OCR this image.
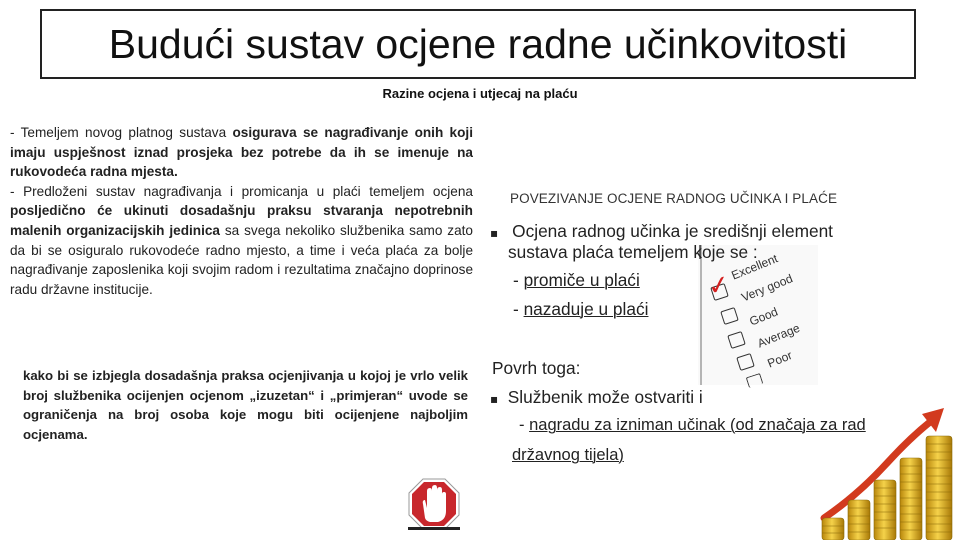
Budući sustav ocjene radne učinkovitosti
Razine ocjena i utjecaj na plaću
- Temeljem novog platnog sustava osigurava se nagrađivanje onih koji imaju uspješnost iznad prosjeka bez potrebe da ih se imenuje na rukovodeća radna mjesta.
- Predloženi sustav nagrađivanja i promicanja u plaći temeljem ocjena posljedično će ukinuti dosadašnju praksu stvaranja nepotrebnih malenih organizacijskih jedinica sa svega nekoliko službenika samo zato da bi se osiguralo rukovodeće radno mjesto, a time i veća plaća za bolje nagrađivanje zaposlenika koji svojim radom i rezultatima značajno doprinose radu državne institucije.
kako bi se izbjegla dosadašnja praksa ocjenjivanja u kojoj je vrlo velik broj službenika ocijenjen ocjenom „izuzetan“ i „primjeran“ uvode se ograničenja na broj osoba koje mogu biti ocijenjene najboljim ocjenama.
POVEZIVANJE OCJENE RADNOG UČINKA I PLAĆE
✓
Excellent
Very good
Good
Average
Poor
▪ Ocjena radnog učinka je središnji element
sustava plaća temeljem koje se :
- promiče u plaći
- nazaduje u plaći
Povrh toga:
▪ Službenik može ostvariti i
- nagradu za izniman učinak (od značaja za rad
državnog tijela)
